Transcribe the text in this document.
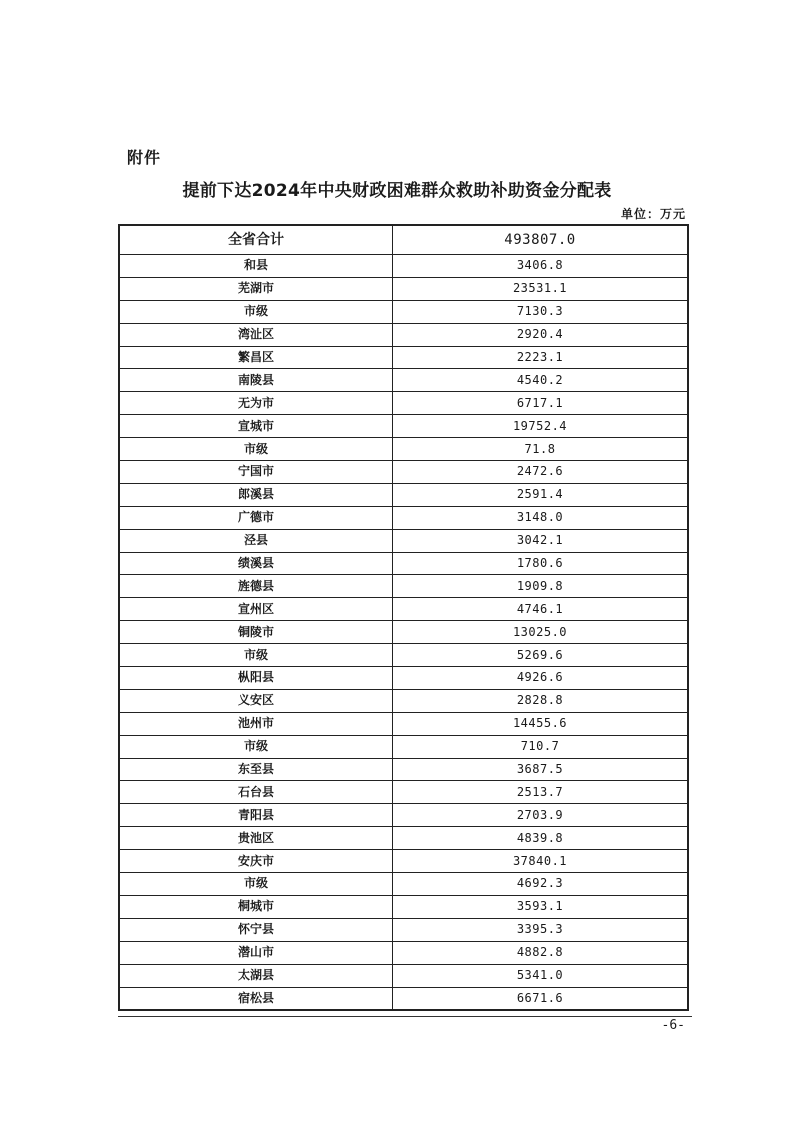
附件
提前下达2024年中央财政困难群众救助补助资金分配表
单位：万元
全省合计	493807.0
和县	3406.8
芜湖市	23531.1
市级	7130.3
湾沚区	2920.4
繁昌区	2223.1
南陵县	4540.2
无为市	6717.1
宣城市	19752.4
市级	71.8
宁国市	2472.6
郎溪县	2591.4
广德市	3148.0
泾县	3042.1
绩溪县	1780.6
旌德县	1909.8
宣州区	4746.1
铜陵市	13025.0
市级	5269.6
枞阳县	4926.6
义安区	2828.8
池州市	14455.6
市级	710.7
东至县	3687.5
石台县	2513.7
青阳县	2703.9
贵池区	4839.8
安庆市	37840.1
市级	4692.3
桐城市	3593.1
怀宁县	3395.3
潜山市	4882.8
太湖县	5341.0
宿松县	6671.6
-6-
